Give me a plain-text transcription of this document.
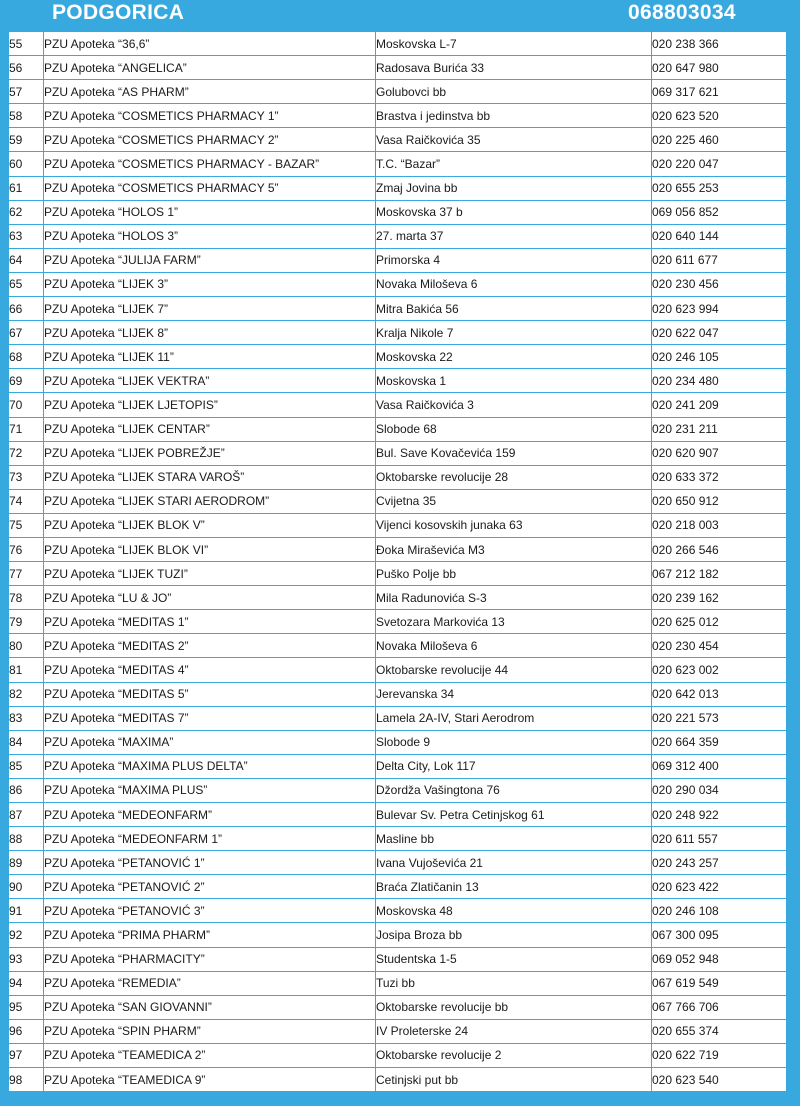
PODGORICA	068803034
55	PZU Apoteka “36,6”	Moskovska L-7	020 238 366
56	PZU Apoteka “ANGELICA”	Radosava Burića 33	020 647 980
57	PZU Apoteka “AS PHARM”	Golubovci bb	069 317 621
58	PZU Apoteka “COSMETICS PHARMACY 1”	Brastva i jedinstva bb	020 623 520
59	PZU Apoteka “COSMETICS PHARMACY 2”	Vasa Raičkovića 35	020 225 460
60	PZU Apoteka “COSMETICS PHARMACY - BAZAR”	T.C. “Bazar”	020 220 047
61	PZU Apoteka “COSMETICS PHARMACY 5”	Zmaj Jovina bb	020 655 253
62	PZU Apoteka “HOLOS 1”	Moskovska 37 b	069 056 852
63	PZU Apoteka “HOLOS 3”	27. marta 37	020 640 144
64	PZU Apoteka “JULIJA FARM”	Primorska 4	020 611 677
65	PZU Apoteka “LIJEK 3”	Novaka Miloševa 6	020 230 456
66	PZU Apoteka “LIJEK 7”	Mitra Bakića 56	020 623 994
67	PZU Apoteka “LIJEK 8”	Kralja Nikole 7	020 622 047
68	PZU Apoteka “LIJEK 11”	Moskovska 22	020 246 105
69	PZU Apoteka “LIJEK VEKTRA”	Moskovska 1	020 234 480
70	PZU Apoteka “LIJEK LJETOPIS”	Vasa Raičkovića 3	020 241 209
71	PZU Apoteka “LIJEK CENTAR”	Slobode 68	020 231 211
72	PZU Apoteka “LIJEK POBREŽJE”	Bul. Save Kovačevića 159	020 620 907
73	PZU Apoteka “LIJEK STARA VAROŠ”	Oktobarske revolucije 28	020 633 372
74	PZU Apoteka “LIJEK STARI AERODROM”	Cvijetna 35	020 650 912
75	PZU Apoteka “LIJEK BLOK V”	Vijenci kosovskih junaka 63	020 218 003
76	PZU Apoteka “LIJEK BLOK VI”	Đoka Miraševića M3	020 266 546
77	PZU Apoteka “LIJEK TUZI”	Puško Polje bb	067 212 182
78	PZU Apoteka “LU & JO”	Mila Radunovića S-3	020 239 162
79	PZU Apoteka “MEDITAS 1”	Svetozara Markovića 13	020 625 012
80	PZU Apoteka “MEDITAS 2”	Novaka Miloševa 6	020 230 454
81	PZU Apoteka “MEDITAS 4”	Oktobarske revolucije 44	020 623 002
82	PZU Apoteka “MEDITAS 5”	Jerevanska 34	020 642 013
83	PZU Apoteka “MEDITAS 7”	Lamela 2A-IV, Stari Aerodrom	020 221 573
84	PZU Apoteka “MAXIMA”	Slobode 9	020 664 359
85	PZU Apoteka “MAXIMA PLUS DELTA”	Delta City, Lok 117	069 312 400
86	PZU Apoteka “MAXIMA PLUS”	Džordža Vašingtona 76	020 290 034
87	PZU Apoteka “MEDEONFARM”	Bulevar Sv. Petra Cetinjskog 61	020 248 922
88	PZU Apoteka “MEDEONFARM 1”	Masline bb	020 611 557
89	PZU Apoteka “PETANOVIĆ 1”	Ivana Vujoševića 21	020 243 257
90	PZU Apoteka “PETANOVIĆ 2”	Braća Zlatičanin 13	020 623 422
91	PZU Apoteka “PETANOVIĆ 3”	Moskovska 48	020 246 108
92	PZU Apoteka “PRIMA PHARM”	Josipa Broza bb	067 300 095
93	PZU Apoteka “PHARMACITY”	Studentska 1-5	069 052 948
94	PZU Apoteka “REMEDIA”	Tuzi bb	067 619 549
95	PZU Apoteka “SAN GIOVANNI”	Oktobarske revolucije bb	067 766 706
96	PZU Apoteka “SPIN PHARM”	IV Proleterske 24	020 655 374
97	PZU Apoteka “TEAMEDICA 2”	Oktobarske revolucije 2	020 622 719
98	PZU Apoteka “TEAMEDICA 9”	Cetinjski put bb	020 623 540
